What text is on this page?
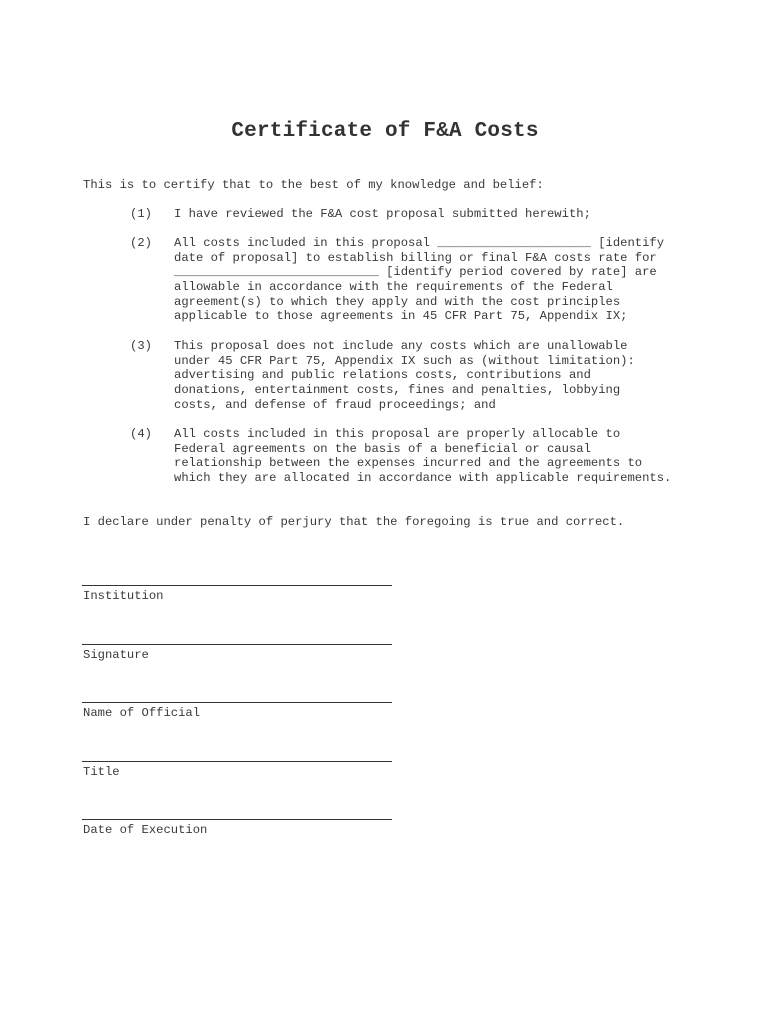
Certificate of F&A Costs
This is to certify that to the best of my knowledge and belief:
(1) I have reviewed the F&A cost proposal submitted herewith;
(2) All costs included in this proposal _____________________ [identify
date of proposal] to establish billing or final F&A costs rate for
____________________________ [identify period covered by rate] are
allowable in accordance with the requirements of the Federal
agreement(s) to which they apply and with the cost principles
applicable to those agreements in 45 CFR Part 75, Appendix IX;
(3) This proposal does not include any costs which are unallowable
under 45 CFR Part 75, Appendix IX such as (without limitation):
advertising and public relations costs, contributions and
donations, entertainment costs, fines and penalties, lobbying
costs, and defense of fraud proceedings; and
(4) All costs included in this proposal are properly allocable to
Federal agreements on the basis of a beneficial or causal
relationship between the expenses incurred and the agreements to
which they are allocated in accordance with applicable requirements.
I declare under penalty of perjury that the foregoing is true and correct.
Institution
Signature
Name of Official
Title
Date of Execution
